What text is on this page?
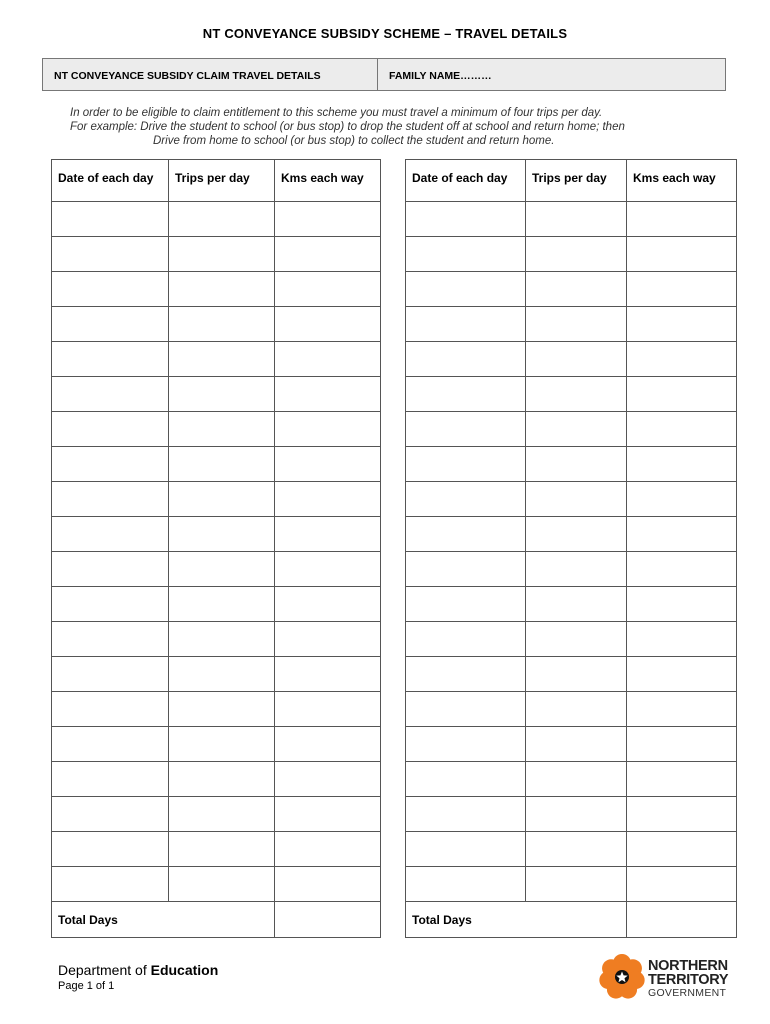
NT CONVEYANCE SUBSIDY SCHEME – TRAVEL DETAILS
NT CONVEYANCE SUBSIDY CLAIM TRAVEL DETAILS	FAMILY NAME………
In order to be eligible to claim entitlement to this scheme you must travel a minimum of four trips per day.
For example: Drive the student to school (or bus stop) to drop the student off at school and return home; then
Drive from home to school (or bus stop) to collect the student and return home.
Date of each day	Trips per day	Kms each way

Total Days		
Date of each day	Trips per day	Kms each way

Total Days		
Department of Education
Page 1 of 1
NORTHERN
TERRITORY
GOVERNMENT
